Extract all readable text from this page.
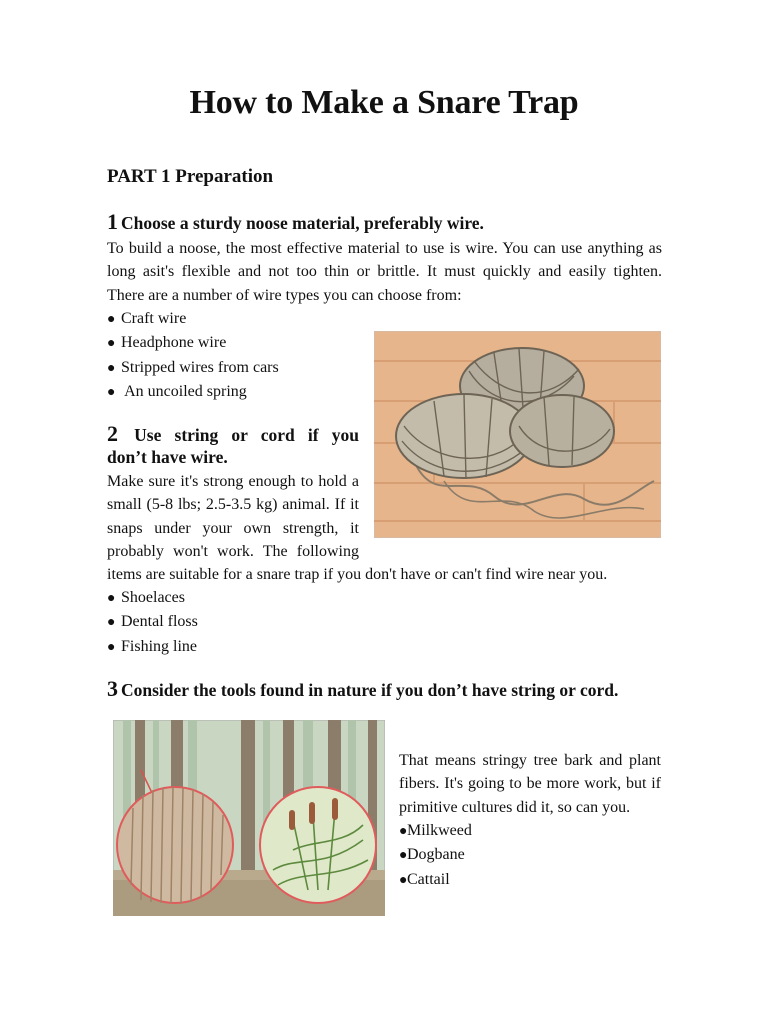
How to Make a Snare Trap
PART 1 Preparation
1 Choose a sturdy noose material, preferably wire.
To build a noose, the most effective material to use is wire. You can use anything as
long asit's flexible and not too thin or brittle. It must quickly and easily tighten.
There are a number of wire types you can choose from:
● Craft wire
● Headphone wire
● Stripped wires from cars
● An uncoiled spring
2 Use string or cord if you
don’t have wire.
Make sure it's strong enough to hold a
small (5-8 lbs; 2.5-3.5 kg) animal. If it
snaps under your own strength, it
probably won't work. The following
items are suitable for a snare trap if you don't have or can't find wire near you.
● Shoelaces
● Dental floss
● Fishing line
3 Consider the tools found in nature if you don’t have string or cord.
That means stringy tree bark and plant
fibers. It's going to be more work, but if
primitive cultures did it, so can you.
●Milkweed
●Dogbane
●Cattail
